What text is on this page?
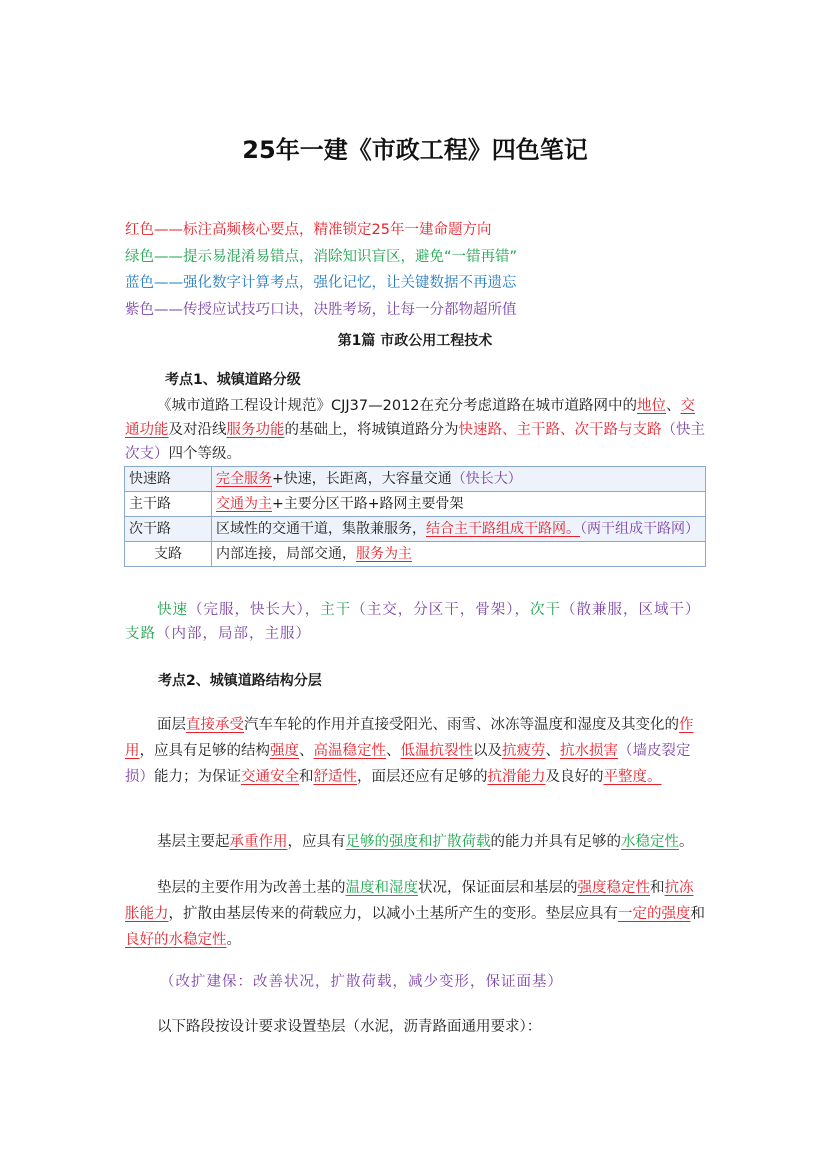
25年一建《市政工程》四色笔记
红色——标注高频核心要点，精准锁定25年一建命题方向
绿色——提示易混淆易错点，消除知识盲区，避免“一错再错”
蓝色——强化数字计算考点，强化记忆，让关键数据不再遗忘
紫色——传授应试技巧口诀，决胜考场，让每一分都物超所值
第1篇 市政公用工程技术
考点1、城镇道路分级
《城市道路工程设计规范》CJJ37—2012在充分考虑道路在城市道路网中的地位、交通功能及对沿线服务功能的基础上，将城镇道路分为快速路、主干路、次干路与支路（快主次支）四个等级。
快速路	完全服务+快速，长距离，大容量交通（快长大）
主干路	交通为主+主要分区干路+路网主要骨架
次干路	区域性的交通干道，集散兼服务，结合主干路组成干路网。（两干组成干路网）
支路	内部连接，局部交通，服务为主
快速（完服，快长大），主干（主交，分区干，骨架），次干（散兼服，区域干）支路（内部，局部，主服）
考点2、城镇道路结构分层
面层直接承受汽车车轮的作用并直接受阳光、雨雪、冰冻等温度和湿度及其变化的作用，应具有足够的结构强度、高温稳定性、低温抗裂性以及抗疲劳、抗水损害（墙皮裂定损）能力；为保证交通安全和舒适性，面层还应有足够的抗滑能力及良好的平整度。
基层主要起承重作用，应具有足够的强度和扩散荷载的能力并具有足够的水稳定性。
垫层的主要作用为改善土基的温度和湿度状况，保证面层和基层的强度稳定性和抗冻胀能力，扩散由基层传来的荷载应力，以减小土基所产生的变形。垫层应具有一定的强度和良好的水稳定性。
（改扩建保：改善状况，扩散荷载，减少变形，保证面基）
以下路段按设计要求设置垫层（水泥，沥青路面通用要求）：
